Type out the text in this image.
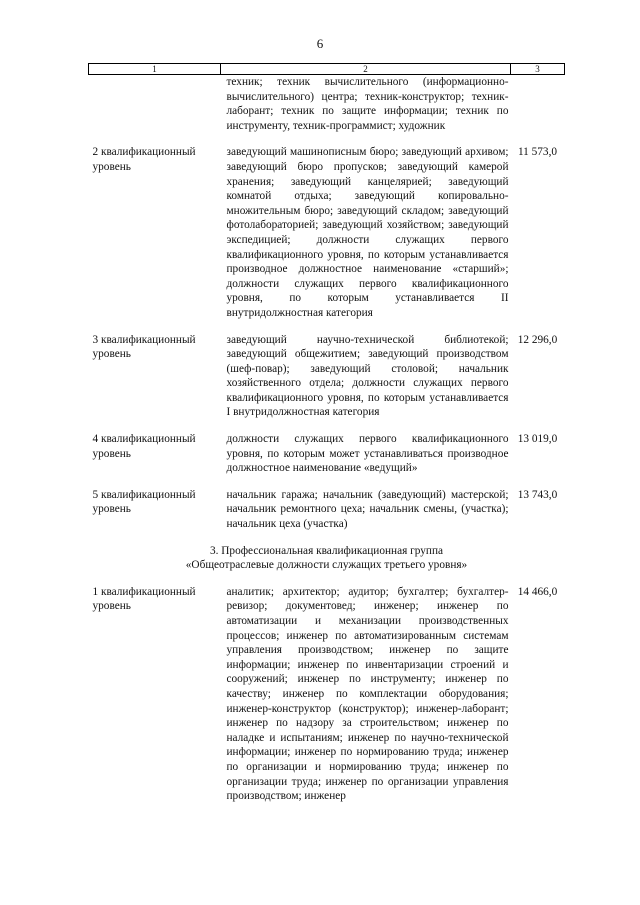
6
1	2	3
	техник; техник вычислительного (информационно-вычислительного) центра; техник-конструктор; техник-лаборант; техник по защите информации; техник по инструменту, техник-программист; художник	

2 квалификационный уровень	заведующий машинописным бюро; заведующий архивом; заведующий бюро пропусков; заведующий камерой хранения; заведующий канцелярией; заведующий комнатой отдыха; заведующий копировально-множительным бюро; заведующий складом; заведующий фотолабораторией; заведующий хозяйством; заведующий экспедицией; должности служащих первого квалификационного уровня, по которым устанавливается производное должностное наименование «старший»; должности служащих первого квалификационного уровня, по которым устанавливается II внутридолжностная категория	11 573,0

3 квалификационный уровень	заведующий научно-технической библиотекой; заведующий общежитием; заведующий производством (шеф-повар); заведующий столовой; начальник хозяйственного отдела; должности служащих первого квалификационного уровня, по которым устанавливается I внутридолжностная категория	12 296,0

4 квалификационный уровень	должности служащих первого квалификационного уровня, по которым может устанавливаться производное должностное наименование «ведущий»	13 019,0

5 квалификационный уровень	начальник гаража; начальник (заведующий) мастерской; начальник ремонтного цеха; начальник смены, (участка); начальник цеха (участка)	13 743,0

3. Профессиональная квалификационная группа
«Общеотраслевые должности служащих третьего уровня»		

1 квалификационный уровень	аналитик; архитектор; аудитор; бухгалтер; бухгалтер-ревизор; документовед; инженер; инженер по автоматизации и механизации производственных процессов; инженер по автоматизированным системам управления производством; инженер по защите информации; инженер по инвентаризации строений и сооружений; инженер по инструменту; инженер по качеству; инженер по комплектации оборудования; инженер-конструктор (конструктор); инженер-лаборант; инженер по надзору за строительством; инженер по наладке и испытаниям; инженер по научно-технической информации; инженер по нормированию труда; инженер по организации и нормированию труда; инженер по организации труда; инженер по организации управления производством; инженер	14 466,0
